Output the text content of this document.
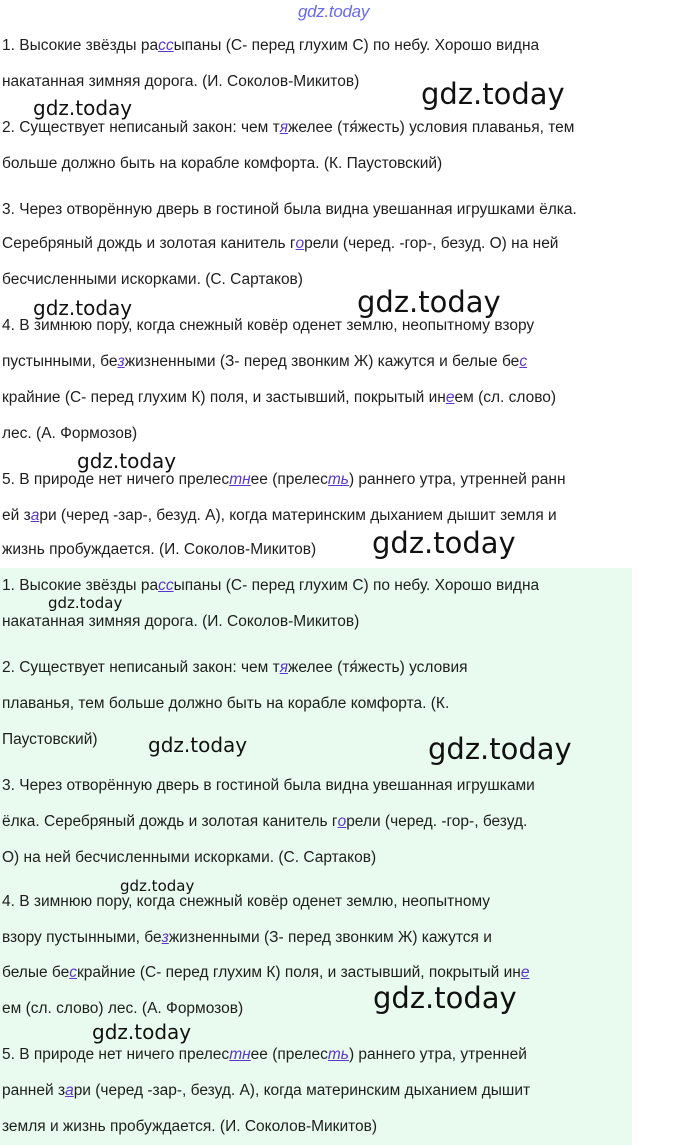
gdz.today
1. Высокие звёзды рассыпаны (С- перед глухим С) по небу. Хорошо видна
накатанная зимняя дорога. (И. Соколов-Микитов)
2. Существует неписаный закон: чем тяжелее (тя́жесть) условия плаванья, тем
больше должно быть на корабле комфорта. (К. Паустовский)
3. Через отворённую дверь в гостиной была видна увешанная игрушками ёлка.
Серебряный дождь и золотая канитель горели (черед. -гор-, безуд. О) на ней
бесчисленными искорками. (С. Сартаков)
4. В зимнюю пору, когда снежный ковёр оденет землю, неопытному взору
пустынными, безжизненными (З- перед звонким Ж) кажутся и белые бес
крайние (С- перед глухим К) поля, и застывший, покрытый инеем (сл. слово)
лес. (А. Формозов)
5. В природе нет ничего прелестнее (прелесть) раннего утра, утренней ранн
ей зари (черед -зар-, безуд. А), когда материнским дыханием дышит земля и
жизнь пробуждается. (И. Соколов-Микитов)
1. Высокие звёзды рассыпаны (С- перед глухим С) по небу. Хорошо видна
накатанная зимняя дорога. (И. Соколов-Микитов)
2. Существует неписаный закон: чем тяжелее (тя́жесть) условия
плаванья, тем больше должно быть на корабле комфорта. (К.
Паустовский)
3. Через отворённую дверь в гостиной была видна увешанная игрушками
ёлка. Серебряный дождь и золотая канитель горели (черед. -гор-, безуд.
О) на ней бесчисленными искорками. (С. Сартаков)
4. В зимнюю пору, когда снежный ковёр оденет землю, неопытному
взору пустынными, безжизненными (З- перед звонким Ж) кажутся и
белые бескрайние (С- перед глухим К) поля, и застывший, покрытый ине
ем (сл. слово) лес. (А. Формозов)
5. В природе нет ничего прелестнее (прелесть) раннего утра, утренней
ранней зари (черед -зар-, безуд. А), когда материнским дыханием дышит
земля и жизнь пробуждается. (И. Соколов-Микитов)
gdz.today	gdz.today
gdz.today	gdz.today
gdz.today
gdz.today
gdz.today
gdz.today	gdz.today
gdz.today
gdz.today
gdz.today
